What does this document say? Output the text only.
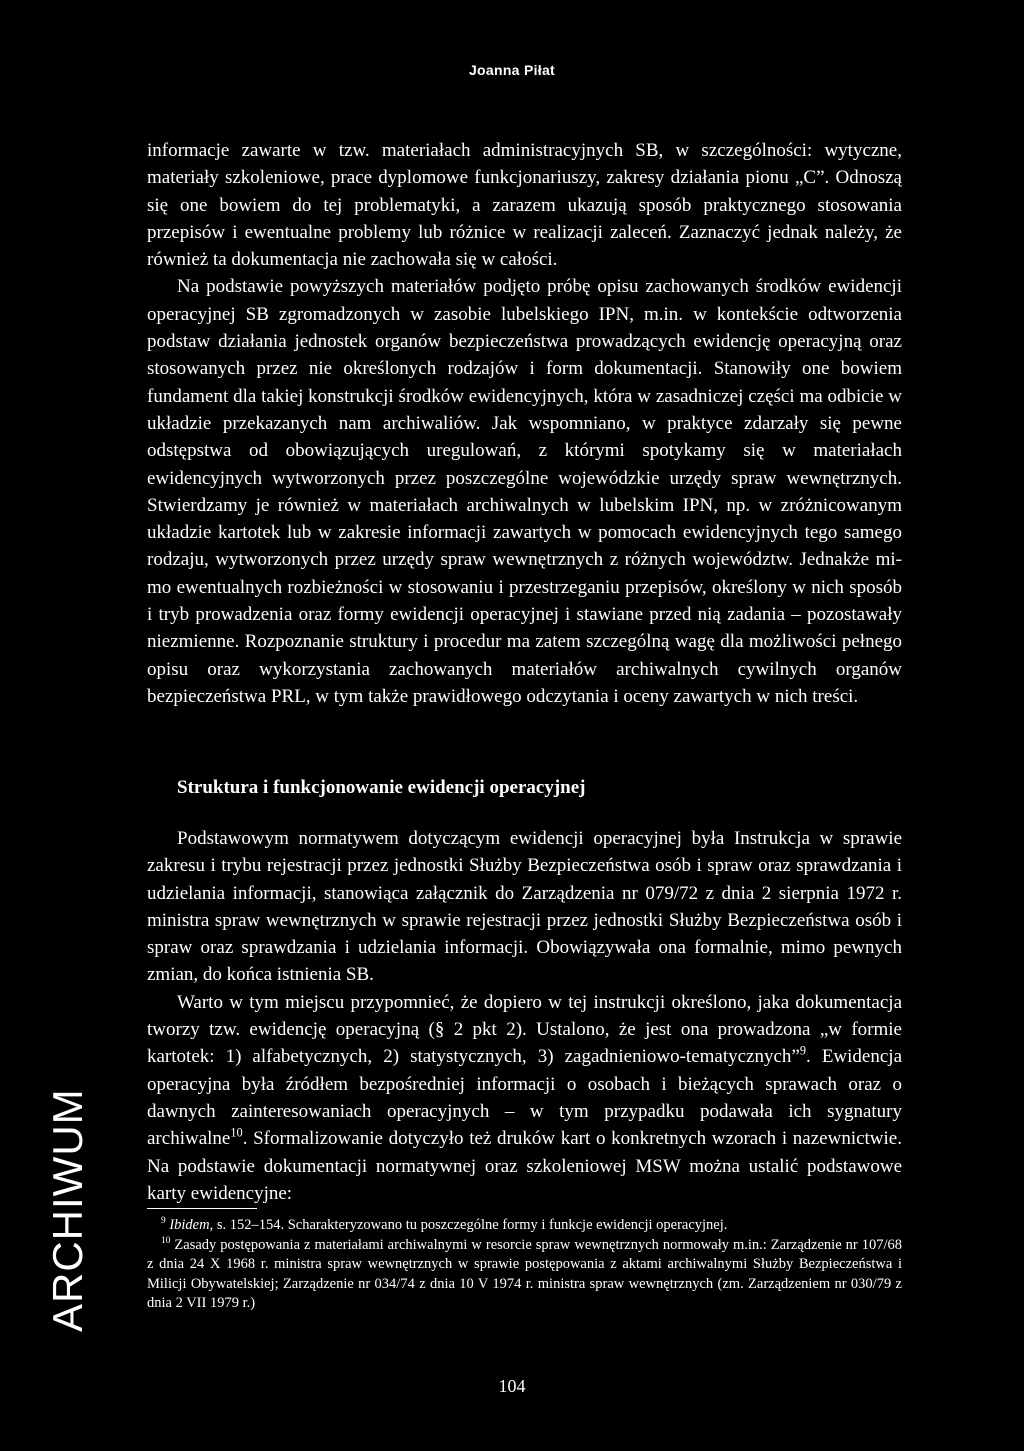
Joanna Piłat

informacje zawarte w tzw. materiałach administracyjnych SB, w szczególności: wytyczne, materiały szkoleniowe, prace dyplomowe funkcjonariuszy, zakresy działania pionu „C”. Odnoszą się one bowiem do tej problematyki, a zarazem ukazują sposób praktycznego stosowania przepisów i ewentualne problemy lub różnice w realizacji zaleceń. Zaznaczyć jednak należy, że również ta dokumentacja nie zachowała się w całości.

Na podstawie powyższych materiałów podjęto próbę opisu zachowanych środków ewidencji operacyjnej SB zgromadzonych w zasobie lubelskiego IPN, m.in. w kontekście odtworzenia podstaw działania jednostek organów bezpieczeństwa prowadzących ewidencję operacyjną oraz stosowanych przez nie określonych rodzajów i form dokumentacji. Stanowiły one bowiem fundament dla takiej konstrukcji środków ewidencyjnych, która w zasadniczej części ma odbicie w układzie przekazanych nam archiwaliów. Jak wspomniano, w praktyce zdarzały się pewne odstępstwa od obowiązujących uregulowań, z którymi spotykamy się w materiałach ewidencyjnych wytworzonych przez poszczególne wojewódzkie urzędy spraw wewnętrznych. Stwierdzamy je również w materiałach archiwalnych w lubelskim IPN, np. w zróżnicowanym układzie kartotek lub w zakresie informacji zawartych w pomocach ewidencyjnych tego samego rodzaju, wytworzonych przez urzędy spraw wewnętrznych z różnych województw. Jednakże mimo ewentualnych rozbieżności w stosowaniu i przestrzeganiu przepisów, określony w nich sposób i tryb prowadzenia oraz formy ewidencji operacyjnej i stawiane przed nią zadania – pozostawały niezmienne. Rozpoznanie struktury i procedur ma zatem szczególną wagę dla możliwości pełnego opisu oraz wykorzystania zachowanych materiałów archiwalnych cywilnych organów bezpieczeństwa PRL, w tym także prawidłowego odczytania i oceny zawartych w nich treści.

Struktura i funkcjonowanie ewidencji operacyjnej

Podstawowym normatywem dotyczącym ewidencji operacyjnej była Instrukcja w sprawie zakresu i trybu rejestracji przez jednostki Służby Bezpieczeństwa osób i spraw oraz sprawdzania i udzielania informacji, stanowiąca załącznik do Zarządzenia nr 079/72 z dnia 2 sierpnia 1972 r. ministra spraw wewnętrznych w sprawie rejestracji przez jednostki Służby Bezpieczeństwa osób i spraw oraz sprawdzania i udzielania informacji. Obowiązywała ona formalnie, mimo pewnych zmian, do końca istnienia SB.

Warto w tym miejscu przypomnieć, że dopiero w tej instrukcji określono, jaka dokumentacja tworzy tzw. ewidencję operacyjną (§ 2 pkt 2). Ustalono, że jest ona prowadzona „w formie kartotek: 1) alfabetycznych, 2) statystycznych, 3) zagadnieniowo-tematycznych”$^9$. Ewidencja operacyjna była źródłem bezpośredniej informacji o osobach i bieżących sprawach oraz o dawnych zainteresowaniach operacyjnych – w tym przypadku podawała ich sygnatury archiwalne$^{10}$. Sformalizowanie dotyczyło też druków kart o konkretnych wzorach i nazewnictwie. Na podstawie dokumentacji normatywnej oraz szkoleniowej MSW można ustalić podstawowe karty ewidencyjne:

$^9$ Ibidem, s. 152–154. Scharakteryzowano tu poszczególne formy i funkcje ewidencji operacyjnej.

$^{10}$ Zasady postępowania z materiałami archiwalnymi w resorcie spraw wewnętrznych normowały m.in.: Zarządzenie nr 107/68 z dnia 24 X 1968 r. ministra spraw wewnętrznych w sprawie postępowania z aktami archiwalnymi Służby Bezpieczeństwa i Milicji Obywatelskiej; Zarządzenie nr 034/74 z dnia 10 V 1974 r. ministra spraw wewnętrznych (zm. Zarządzeniem nr 030/79 z dnia 2 VII 1979 r.)

ARCHIWUM
104
